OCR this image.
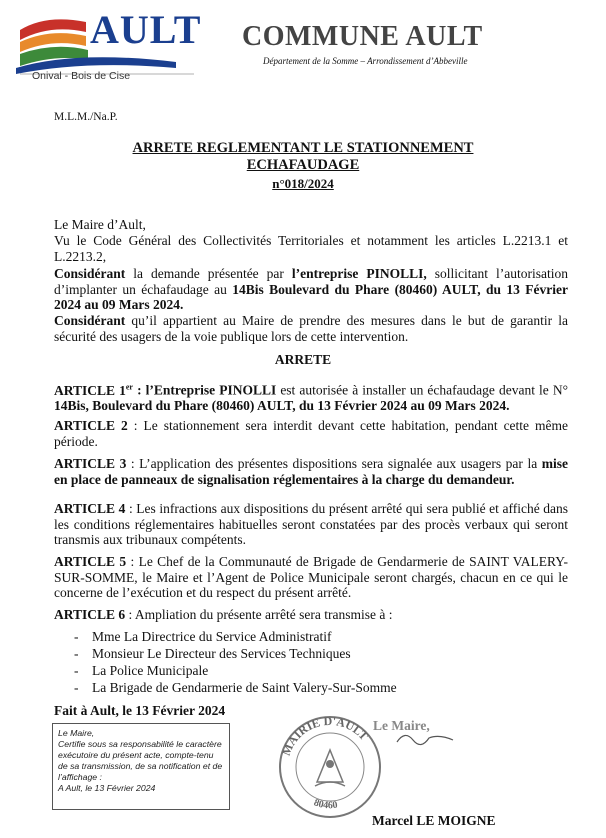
AULT
Onival - Bois de Cise
COMMUNE AULT
Département de la Somme – Arrondissement d’Abbeville
M.L.M./Na.P.
ARRETE REGLEMENTANT LE STATIONNEMENT
ECHAFAUDAGE
n°018/2024
Le Maire d’Ault,
Vu le Code Général des Collectivités Territoriales et notamment les articles L.2213.1 et L.2213.2,
Considérant la demande présentée par l’entreprise PINOLLI, sollicitant l’autorisation d’implanter un échafaudage au 14Bis Boulevard du Phare (80460) AULT, du 13 Février 2024 au 09 Mars 2024.
Considérant qu’il appartient au Maire de prendre des mesures dans le but de garantir la sécurité des usagers de la voie publique lors de cette intervention.
ARRETE
ARTICLE 1er : l’Entreprise PINOLLI est autorisée à installer un échafaudage devant le N° 14Bis, Boulevard du Phare (80460) AULT, du 13 Février 2024 au 09 Mars 2024.
ARTICLE 2 : Le stationnement sera interdit devant cette habitation, pendant cette même période.
ARTICLE 3 : L’application des présentes dispositions sera signalée aux usagers par la mise en place de panneaux de signalisation réglementaires à la charge du demandeur.
ARTICLE 4 : Les infractions aux dispositions du présent arrêté qui sera publié et affiché dans les conditions réglementaires habituelles seront constatées par des procès verbaux qui seront transmis aux tribunaux compétents.
ARTICLE 5 : Le Chef de la Communauté de Brigade de Gendarmerie de SAINT VALERY-SUR-SOMME, le Maire et l’Agent de Police Municipale seront chargés, chacun en ce qui le concerne de l’exécution et du respect du présent arrêté.
ARTICLE 6 : Ampliation du présente arrêté sera transmise à :
- Mme La Directrice du Service Administratif
- Monsieur Le Directeur des Services Techniques
- La Police Municipale
- La Brigade de Gendarmerie de Saint Valery-Sur-Somme
Fait à Ault, le 13 Février 2024
Le Maire,
Certifie sous sa responsabilité le caractère exécutoire du présent acte, compte-tenu de sa transmission, de sa notification et de l’affichage :
A Ault, le 13 Février 2024
MAIRIE D'AULT
80460
Le Maire,
Marcel LE MOIGNE
